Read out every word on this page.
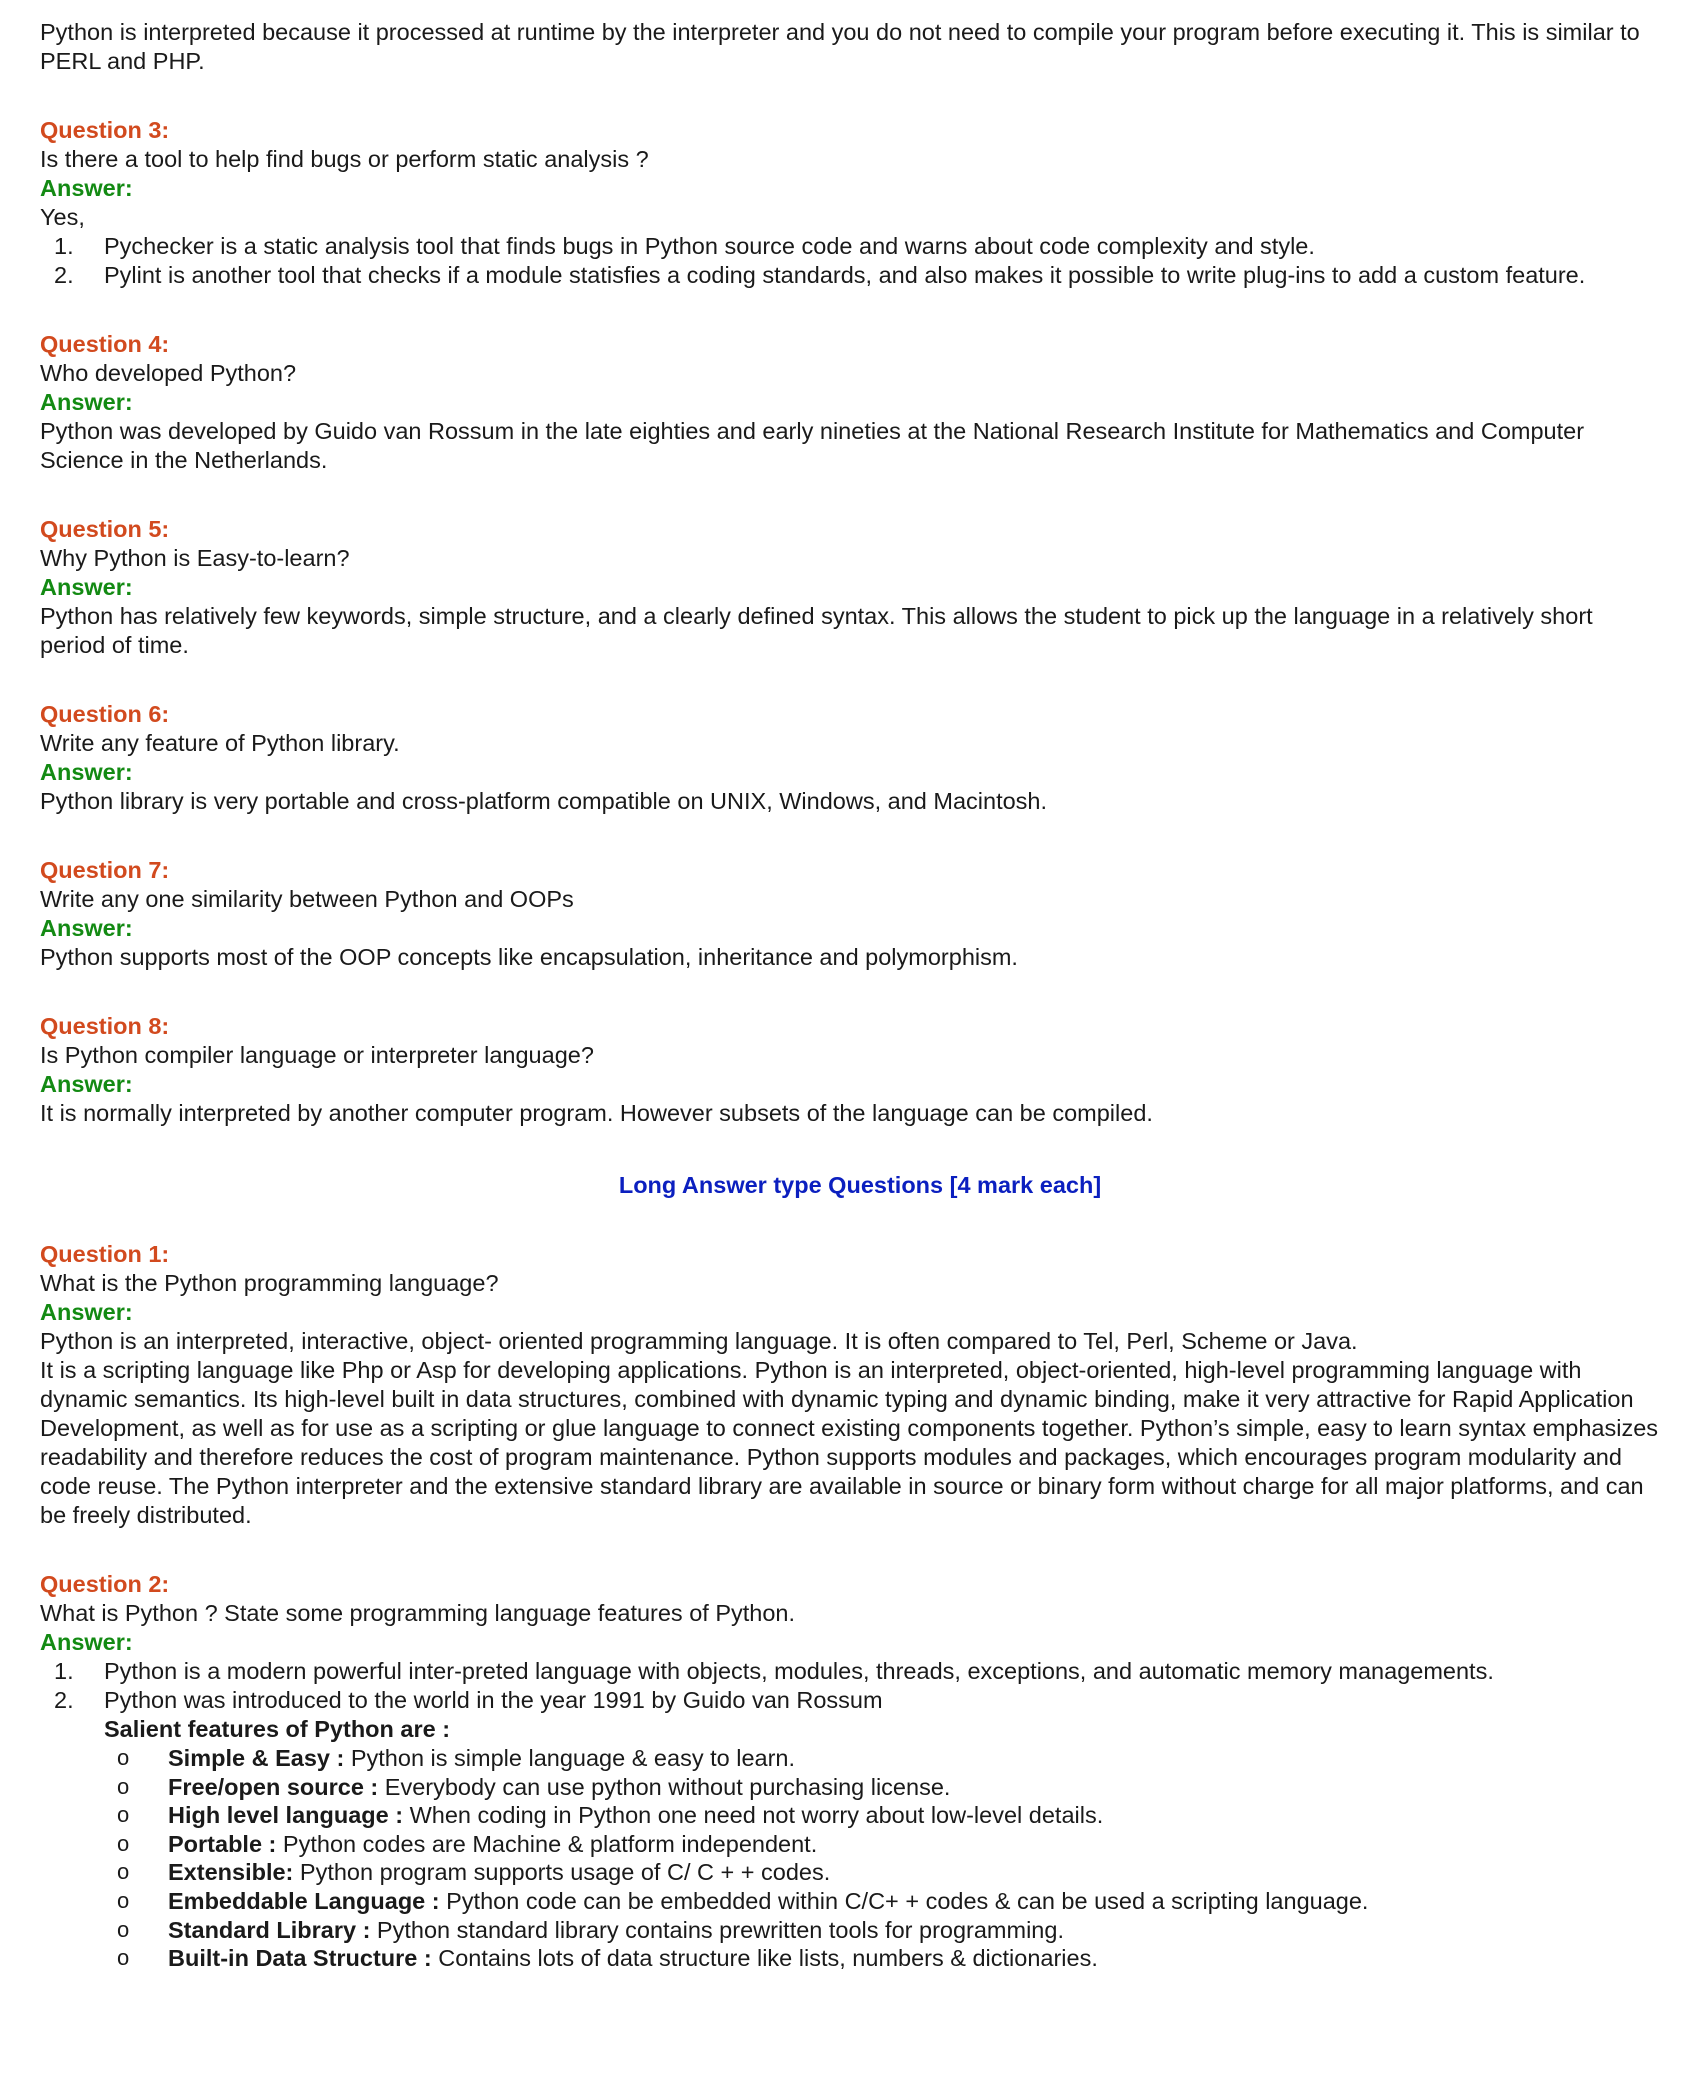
Python is interpreted because it processed at runtime by the interpreter and you do not need to compile your program before executing it. This is similar to PERL and PHP.

Question 3:
Is there a tool to help find bugs or perform static analysis ?
Answer:
Yes,
1. Pychecker is a static analysis tool that finds bugs in Python source code and warns about code complexity and style.
2. Pylint is another tool that checks if a module statisfies a coding standards, and also makes it possible to write plug-ins to add a custom feature.
Question 4:
Who developed Python?
Answer:
Python was developed by Guido van Rossum in the late eighties and early nineties at the National Research Institute for Mathematics and Computer Science in the Netherlands.
Question 5:
Why Python is Easy-to-learn?
Answer:
Python has relatively few keywords, simple structure, and a clearly defined syntax. This allows the student to pick up the language in a relatively short period of time.
Question 6:
Write any feature of Python library.
Answer:
Python library is very portable and cross-platform compatible on UNIX, Windows, and Macintosh.
Question 7:
Write any one similarity between Python and OOPs
Answer:
Python supports most of the OOP concepts like encapsulation, inheritance and polymorphism.
Question 8:
Is Python compiler language or interpreter language?
Answer:
It is normally interpreted by another computer program. However subsets of the language can be compiled.
Long Answer type Questions [4 mark each]
Question 1:
What is the Python programming language?
Answer:
Python is an interpreted, interactive, object- oriented programming language. It is often compared to Tel, Perl, Scheme or Java.
It is a scripting language like Php or Asp for developing applications. Python is an interpreted, object-oriented, high-level programming language with dynamic semantics. Its high-level built in data structures, combined with dynamic typing and dynamic binding, make it very attractive for Rapid Application Development, as well as for use as a scripting or glue language to connect existing components together. Python’s simple, easy to learn syntax emphasizes readability and therefore reduces the cost of program maintenance. Python supports modules and packages, which encourages program modularity and code reuse. The Python interpreter and the extensive standard library are available in source or binary form without charge for all major platforms, and can be freely distributed.
Question 2:
What is Python ? State some programming language features of Python.
Answer:
1. Python is a modern powerful inter-preted language with objects, modules, threads, exceptions, and automatic memory managements.
2. Python was introduced to the world in the year 1991 by Guido van Rossum
Salient features of Python are :
o Simple & Easy : Python is simple language & easy to learn.
o Free/open source : Everybody can use python without purchasing license.
o High level language : When coding in Python one need not worry about low-level details.
o Portable : Python codes are Machine & platform independent.
o Extensible: Python program supports usage of C/ C + + codes.
o Embeddable Language : Python code can be embedded within C/C+ + codes & can be used a scripting language.
o Standard Library : Python standard library contains prewritten tools for programming.
o Built-in Data Structure : Contains lots of data structure like lists, numbers & dictionaries.
